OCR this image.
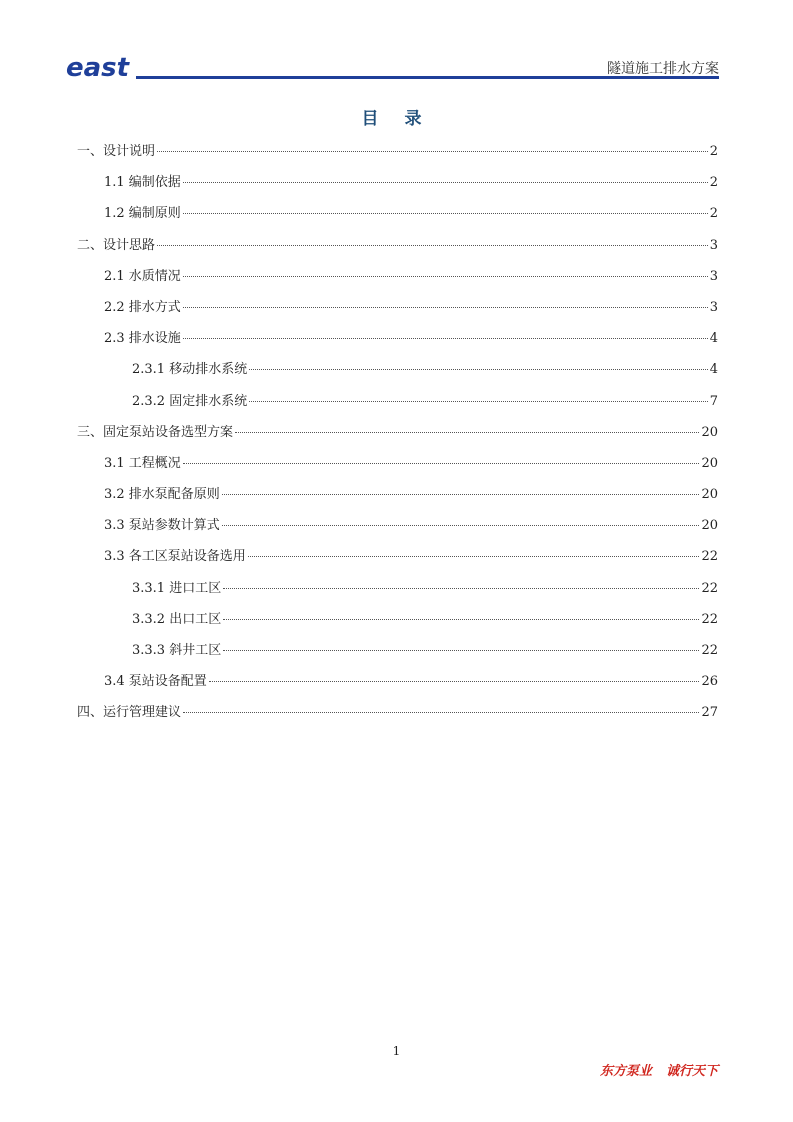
east	隧道施工排水方案
目 录
一、设计说明	2
1.1 编制依据	2
1.2 编制原则	2
二、设计思路	3
2.1 水质情况	3
2.2 排水方式	3
2.3 排水设施	4
2.3.1 移动排水系统	4
2.3.2 固定排水系统	7
三、固定泵站设备选型方案	20
3.1 工程概况	20
3.2 排水泵配备原则	20
3.3 泵站参数计算式	20
3.3 各工区泵站设备选用	22
3.3.1 进口工区	22
3.3.2 出口工区	22
3.3.3 斜井工区	22
3.4 泵站设备配置	26
四、运行管理建议	27
1
东方泵业 诚行天下
